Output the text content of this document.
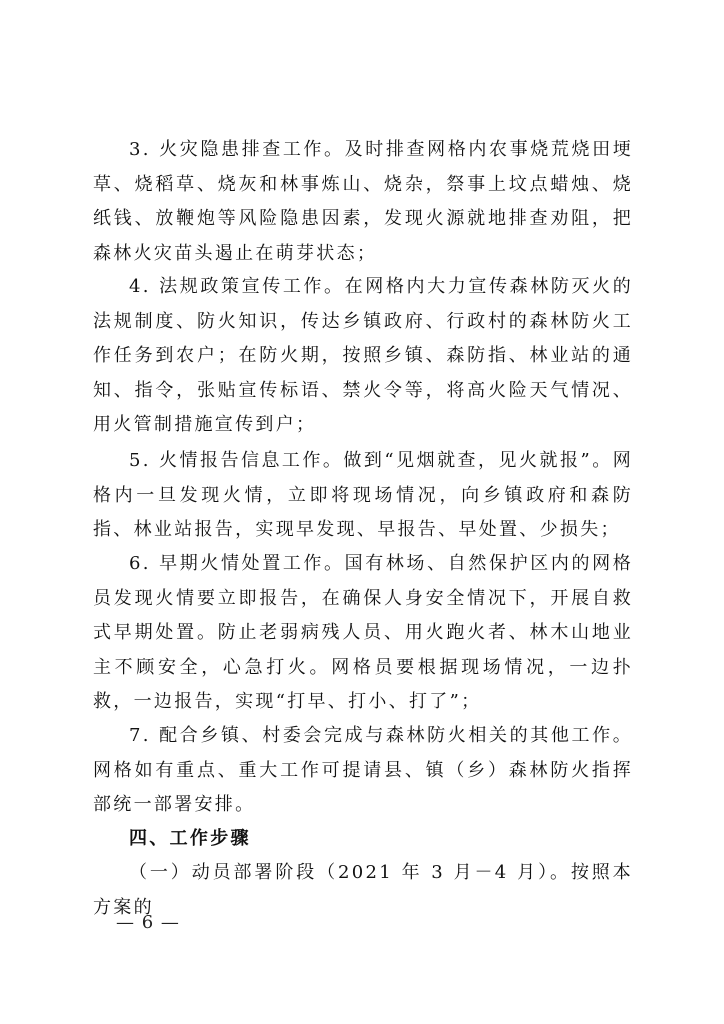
3. 火灾隐患排查工作。及时排查网格内农事烧荒烧田埂草、烧稻草、烧灰和林事炼山、烧杂，祭事上坟点蜡烛、烧纸钱、放鞭炮等风险隐患因素，发现火源就地排查劝阻，把森林火灾苗头遏止在萌芽状态；

4. 法规政策宣传工作。在网格内大力宣传森林防灭火的法规制度、防火知识，传达乡镇政府、行政村的森林防火工作任务到农户；在防火期，按照乡镇、森防指、林业站的通知、指令，张贴宣传标语、禁火令等，将高火险天气情况、用火管制措施宣传到户；

5. 火情报告信息工作。做到“见烟就查，见火就报”。网格内一旦发现火情，立即将现场情况，向乡镇政府和森防指、林业站报告，实现早发现、早报告、早处置、少损失；

6. 早期火情处置工作。国有林场、自然保护区内的网格员发现火情要立即报告，在确保人身安全情况下，开展自救式早期处置。防止老弱病残人员、用火跑火者、林木山地业主不顾安全，心急打火。网格员要根据现场情况，一边扑救，一边报告，实现“打早、打小、打了”；

7. 配合乡镇、村委会完成与森林防火相关的其他工作。网格如有重点、重大工作可提请县、镇（乡）森林防火指挥部统一部署安排。

四、工作步骤

（一）动员部署阶段（2021 年 3 月－4 月）。按照本方案的

— 6 —
